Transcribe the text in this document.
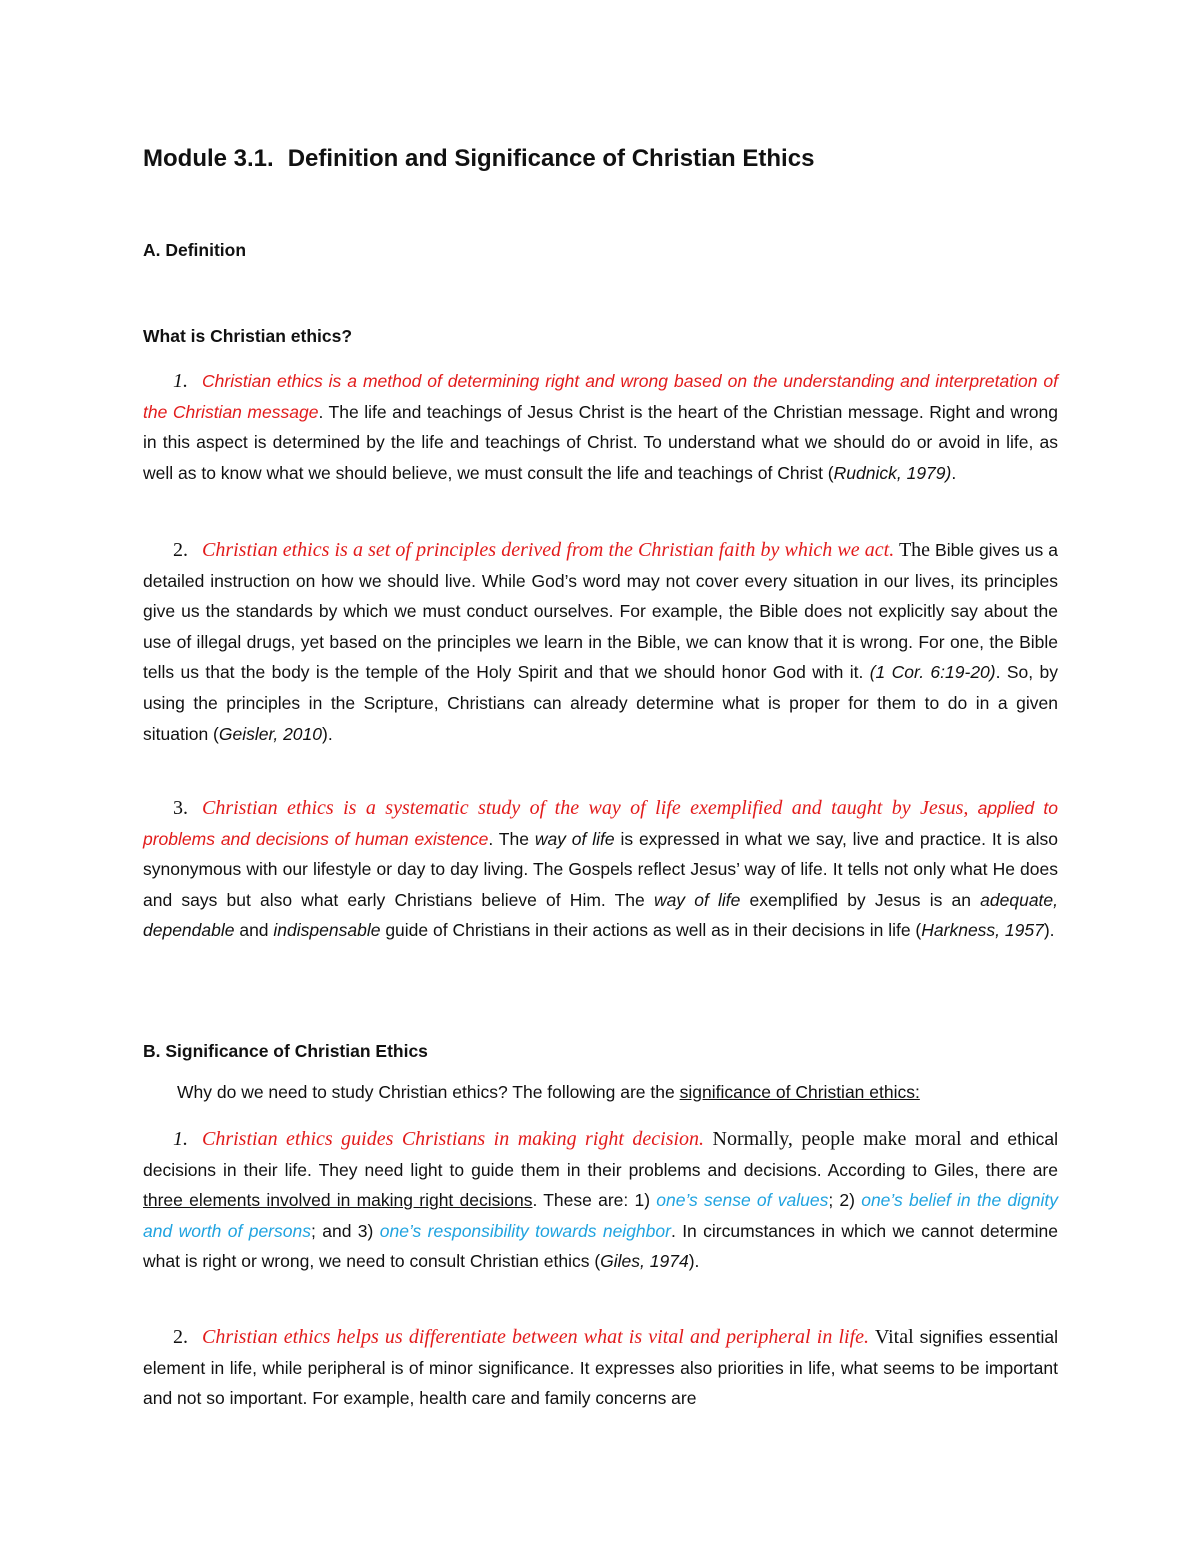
Module 3.1. Definition and Significance of Christian Ethics
A. Definition
What is Christian ethics?
1. Christian ethics is a method of determining right and wrong based on the understanding and interpretation of the Christian message. The life and teachings of Jesus Christ is the heart of the Christian message. Right and wrong in this aspect is determined by the life and teachings of Christ. To understand what we should do or avoid in life, as well as to know what we should believe, we must consult the life and teachings of Christ (Rudnick, 1979).
2. Christian ethics is a set of principles derived from the Christian faith by which we act. The Bible gives us a detailed instruction on how we should live. While God’s word may not cover every situation in our lives, its principles give us the standards by which we must conduct ourselves. For example, the Bible does not explicitly say about the use of illegal drugs, yet based on the principles we learn in the Bible, we can know that it is wrong. For one, the Bible tells us that the body is the temple of the Holy Spirit and that we should honor God with it. (1 Cor. 6:19-20). So, by using the principles in the Scripture, Christians can already determine what is proper for them to do in a given situation (Geisler, 2010).
3. Christian ethics is a systematic study of the way of life exemplified and taught by Jesus, applied to problems and decisions of human existence. The way of life is expressed in what we say, live and practice. It is also synonymous with our lifestyle or day to day living. The Gospels reflect Jesus’ way of life. It tells not only what He does and says but also what early Christians believe of Him. The way of life exemplified by Jesus is an adequate, dependable and indispensable guide of Christians in their actions as well as in their decisions in life (Harkness, 1957).
B. Significance of Christian Ethics
Why do we need to study Christian ethics? The following are the significance of Christian ethics:
1. Christian ethics guides Christians in making right decision. Normally, people make moral and ethical decisions in their life. They need light to guide them in their problems and decisions. According to Giles, there are three elements involved in making right decisions. These are: 1) one’s sense of values; 2) one’s belief in the dignity and worth of persons; and 3) one’s responsibility towards neighbor. In circumstances in which we cannot determine what is right or wrong, we need to consult Christian ethics (Giles, 1974).
2. Christian ethics helps us differentiate between what is vital and peripheral in life. Vital signifies essential element in life, while peripheral is of minor significance. It expresses also priorities in life, what seems to be important and not so important. For example, health care and family concerns are
